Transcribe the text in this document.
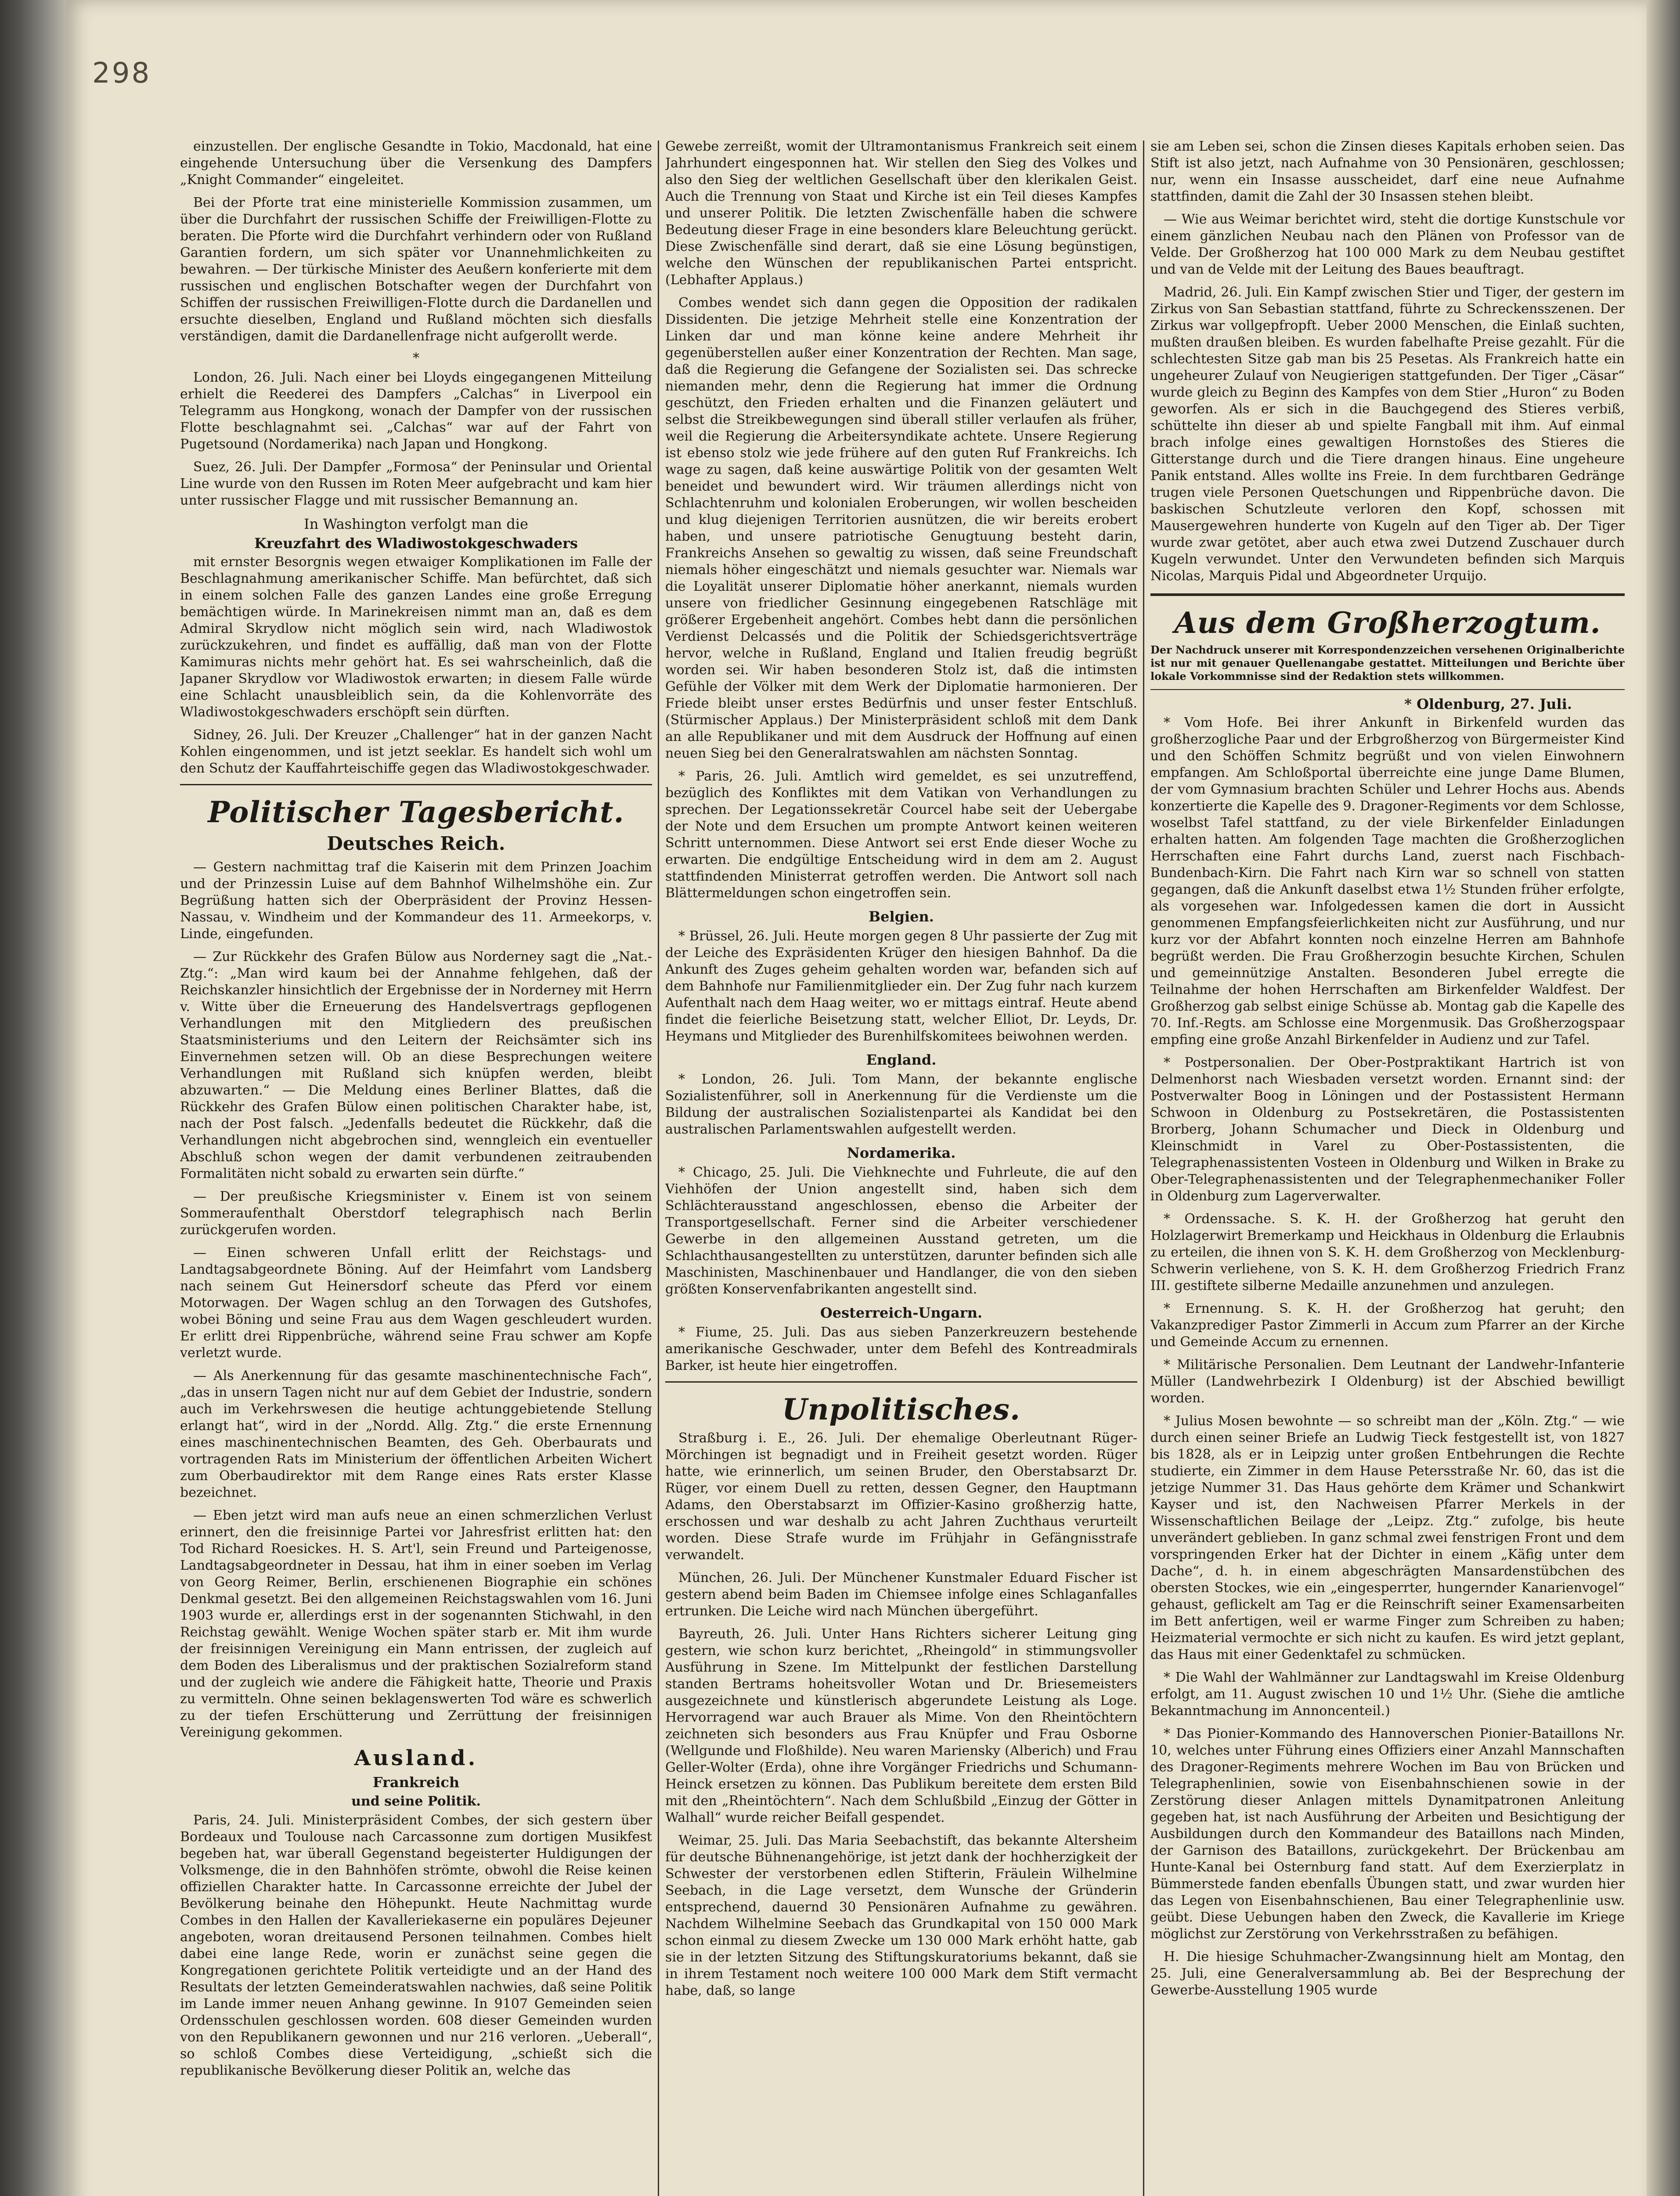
298

einzustellen. Der englische Gesandte in Tokio, Macdonald, hat eine eingehende Untersuchung über die Versenkung des Dampfers „Knight Commander“ eingeleitet.

Bei der Pforte trat eine ministerielle Kommission zusammen, um über die Durchfahrt der russischen Schiffe der Freiwilligen-Flotte zu beraten. Die Pforte wird die Durchfahrt verhindern oder von Rußland Garantien fordern, um sich später vor Unannehmlichkeiten zu bewahren. — Der türkische Minister des Aeußern konferierte mit dem russischen und englischen Botschafter wegen der Durchfahrt von Schiffen der russischen Freiwilligen-Flotte durch die Dardanellen und ersuchte dieselben, England und Rußland möchten sich diesfalls verständigen, damit die Dardanellenfrage nicht aufgerollt werde.

*

London, 26. Juli. Nach einer bei Lloyds eingegangenen Mitteilung erhielt die Reederei des Dampfers „Calchas“ in Liverpool ein Telegramm aus Hongkong, wonach der Dampfer von der russischen Flotte beschlagnahmt sei. „Calchas“ war auf der Fahrt von Pugetsound (Nordamerika) nach Japan und Hongkong.

Suez, 26. Juli. Der Dampfer „Formosa“ der Peninsular und Oriental Line wurde von den Russen im Roten Meer aufgebracht und kam hier unter russischer Flagge und mit russischer Bemannung an.

In Washington verfolgt man die
Kreuzfahrt des Wladiwostokgeschwaders

mit ernster Besorgnis wegen etwaiger Komplikationen im Falle der Beschlagnahmung amerikanischer Schiffe. Man befürchtet, daß sich in einem solchen Falle des ganzen Landes eine große Erregung bemächtigen würde. In Marinekreisen nimmt man an, daß es dem Admiral Skrydlow nicht möglich sein wird, nach Wladiwostok zurückzukehren, und findet es auffällig, daß man von der Flotte Kamimuras nichts mehr gehört hat. Es sei wahrscheinlich, daß die Japaner Skrydlow vor Wladiwostok erwarten; in diesem Falle würde eine Schlacht unausbleiblich sein, da die Kohlenvorräte des Wladiwostokgeschwaders erschöpft sein dürften.

Sidney, 26. Juli. Der Kreuzer „Challenger“ hat in der ganzen Nacht Kohlen eingenommen, und ist jetzt seeklar. Es handelt sich wohl um den Schutz der Kauffahrteischiffe gegen das Wladiwostokgeschwader.

Politischer Tagesbericht.
Deutsches Reich.

— Gestern nachmittag traf die Kaiserin mit dem Prinzen Joachim und der Prinzessin Luise auf dem Bahnhof Wilhelmshöhe ein. Zur Begrüßung hatten sich der Oberpräsident der Provinz Hessen-Nassau, v. Windheim und der Kommandeur des 11. Armeekorps, v. Linde, eingefunden.

— Zur Rückkehr des Grafen Bülow aus Norderney sagt die „Nat.-Ztg.“: „Man wird kaum bei der Annahme fehlgehen, daß der Reichskanzler hinsichtlich der Ergebnisse der in Norderney mit Herrn v. Witte über die Erneuerung des Handelsvertrags gepflogenen Verhandlungen mit den Mitgliedern des preußischen Staatsministeriums und den Leitern der Reichsämter sich ins Einvernehmen setzen will. Ob an diese Besprechungen weitere Verhandlungen mit Rußland sich knüpfen werden, bleibt abzuwarten.“ — Die Meldung eines Berliner Blattes, daß die Rückkehr des Grafen Bülow einen politischen Charakter habe, ist, nach der Post falsch. „Jedenfalls bedeutet die Rückkehr, daß die Verhandlungen nicht abgebrochen sind, wenngleich ein eventueller Abschluß schon wegen der damit verbundenen zeitraubenden Formalitäten nicht sobald zu erwarten sein dürfte.“

— Der preußische Kriegsminister v. Einem ist von seinem Sommeraufenthalt Oberstdorf telegraphisch nach Berlin zurückgerufen worden.

— Einen schweren Unfall erlitt der Reichstags- und Landtagsabgeordnete Böning. Auf der Heimfahrt vom Landsberg nach seinem Gut Heinersdorf scheute das Pferd vor einem Motorwagen. Der Wagen schlug an den Torwagen des Gutshofes, wobei Böning und seine Frau aus dem Wagen geschleudert wurden. Er erlitt drei Rippenbrüche, während seine Frau schwer am Kopfe verletzt wurde.

— Als Anerkennung für das gesamte maschinentechnische Fach“, „das in unsern Tagen nicht nur auf dem Gebiet der Industrie, sondern auch im Verkehrswesen die heutige achtunggebietende Stellung erlangt hat“, wird in der „Nordd. Allg. Ztg.“ die erste Ernennung eines maschinentechnischen Beamten, des Geh. Oberbaurats und vortragenden Rats im Ministerium der öffentlichen Arbeiten Wichert zum Oberbaudirektor mit dem Range eines Rats erster Klasse bezeichnet.

— Eben jetzt wird man aufs neue an einen schmerzlichen Verlust erinnert, den die freisinnige Partei vor Jahresfrist erlitten hat: den Tod Richard Roesickes. H. S. Art'l, sein Freund und Parteigenosse, Landtagsabgeordneter in Dessau, hat ihm in einer soeben im Verlag von Georg Reimer, Berlin, erschienenen Biographie ein schönes Denkmal gesetzt. Bei den allgemeinen Reichstagswahlen vom 16. Juni 1903 wurde er, allerdings erst in der sogenannten Stichwahl, in den Reichstag gewählt. Wenige Wochen später starb er. Mit ihm wurde der freisinnigen Vereinigung ein Mann entrissen, der zugleich auf dem Boden des Liberalismus und der praktischen Sozialreform stand und der zugleich wie andere die Fähigkeit hatte, Theorie und Praxis zu vermitteln. Ohne seinen beklagenswerten Tod wäre es schwerlich zu der tiefen Erschütterung und Zerrüttung der freisinnigen Vereinigung gekommen.

Ausland.
Frankreich
und seine Politik.

Paris, 24. Juli. Ministerpräsident Combes, der sich gestern über Bordeaux und Toulouse nach Carcassonne zum dortigen Musikfest begeben hat, war überall Gegenstand begeisterter Huldigungen der Volksmenge, die in den Bahnhöfen strömte, obwohl die Reise keinen offiziellen Charakter hatte. In Carcassonne erreichte der Jubel der Bevölkerung beinahe den Höhepunkt. Heute Nachmittag wurde Combes in den Hallen der Kavalleriekaserne ein populäres Dejeuner angeboten, woran dreitausend Personen teilnahmen. Combes hielt dabei eine lange Rede, worin er zunächst seine gegen die Kongregationen gerichtete Politik verteidigte und an der Hand des Resultats der letzten Gemeinderatswahlen nachwies, daß seine Politik im Lande immer neuen Anhang gewinne. In 9107 Gemeinden seien Ordensschulen geschlossen worden. 608 dieser Gemeinden wurden von den Republikanern gewonnen und nur 216 verloren. „Ueberall“, so schloß Combes diese Verteidigung, „schießt sich die republikanische Bevölkerung dieser Politik an, welche das

Gewebe zerreißt, womit der Ultramontanismus Frankreich seit einem Jahrhundert eingesponnen hat. Wir stellen den Sieg des Volkes und also den Sieg der weltlichen Gesellschaft über den klerikalen Geist. Auch die Trennung von Staat und Kirche ist ein Teil dieses Kampfes und unserer Politik. Die letzten Zwischenfälle haben die schwere Bedeutung dieser Frage in eine besonders klare Beleuchtung gerückt. Diese Zwischenfälle sind derart, daß sie eine Lösung begünstigen, welche den Wünschen der republikanischen Partei entspricht. (Lebhafter Applaus.)

Combes wendet sich dann gegen die Opposition der radikalen Dissidenten. Die jetzige Mehrheit stelle eine Konzentration der Linken dar und man könne keine andere Mehrheit ihr gegenüberstellen außer einer Konzentration der Rechten. Man sage, daß die Regierung die Gefangene der Sozialisten sei. Das schrecke niemanden mehr, denn die Regierung hat immer die Ordnung geschützt, den Frieden erhalten und die Finanzen geläutert und selbst die Streikbewegungen sind überall stiller verlaufen als früher, weil die Regierung die Arbeitersyndikate achtete. Unsere Regierung ist ebenso stolz wie jede frühere auf den guten Ruf Frankreichs. Ich wage zu sagen, daß keine auswärtige Politik von der gesamten Welt beneidet und bewundert wird. Wir träumen allerdings nicht von Schlachtenruhm und kolonialen Eroberungen, wir wollen bescheiden und klug diejenigen Territorien ausnützen, die wir bereits erobert haben, und unsere patriotische Genugtuung besteht darin, Frankreichs Ansehen so gewaltig zu wissen, daß seine Freundschaft niemals höher eingeschätzt und niemals gesuchter war. Niemals war die Loyalität unserer Diplomatie höher anerkannt, niemals wurden unsere von friedlicher Gesinnung eingegebenen Ratschläge mit größerer Ergebenheit angehört. Combes hebt dann die persönlichen Verdienst Delcassés und die Politik der Schiedsgerichtsverträge hervor, welche in Rußland, England und Italien freudig begrüßt worden sei. Wir haben besonderen Stolz ist, daß die intimsten Gefühle der Völker mit dem Werk der Diplomatie harmonieren. Der Friede bleibt unser erstes Bedürfnis und unser fester Entschluß. (Stürmischer Applaus.) Der Ministerpräsident schloß mit dem Dank an alle Republikaner und mit dem Ausdruck der Hoffnung auf einen neuen Sieg bei den Generalratswahlen am nächsten Sonntag.

* Paris, 26. Juli. Amtlich wird gemeldet, es sei unzutreffend, bezüglich des Konfliktes mit dem Vatikan von Verhandlungen zu sprechen. Der Legationssekretär Courcel habe seit der Uebergabe der Note und dem Ersuchen um prompte Antwort keinen weiteren Schritt unternommen. Diese Antwort sei erst Ende dieser Woche zu erwarten. Die endgültige Entscheidung wird in dem am 2. August stattfindenden Ministerrat getroffen werden. Die Antwort soll nach Blättermeldungen schon eingetroffen sein.

Belgien.

* Brüssel, 26. Juli. Heute morgen gegen 8 Uhr passierte der Zug mit der Leiche des Expräsidenten Krüger den hiesigen Bahnhof. Da die Ankunft des Zuges geheim gehalten worden war, befanden sich auf dem Bahnhofe nur Familienmitglieder ein. Der Zug fuhr nach kurzem Aufenthalt nach dem Haag weiter, wo er mittags eintraf. Heute abend findet die feierliche Beisetzung statt, welcher Elliot, Dr. Leyds, Dr. Heymans und Mitglieder des Burenhilfskomitees beiwohnen werden.

England.

* London, 26. Juli. Tom Mann, der bekannte englische Sozialistenführer, soll in Anerkennung für die Verdienste um die Bildung der australischen Sozialistenpartei als Kandidat bei den australischen Parlamentswahlen aufgestellt werden.

Nordamerika.

* Chicago, 25. Juli. Die Viehknechte und Fuhrleute, die auf den Viehhöfen der Union angestellt sind, haben sich dem Schlächterausstand angeschlossen, ebenso die Arbeiter der Transportgesellschaft. Ferner sind die Arbeiter verschiedener Gewerbe in den allgemeinen Ausstand getreten, um die Schlachthausangestellten zu unterstützen, darunter befinden sich alle Maschinisten, Maschinenbauer und Handlanger, die von den sieben größten Konservenfabrikanten angestellt sind.

Oesterreich-Ungarn.

* Fiume, 25. Juli. Das aus sieben Panzerkreuzern bestehende amerikanische Geschwader, unter dem Befehl des Kontreadmirals Barker, ist heute hier eingetroffen.

Unpolitisches.

Straßburg i. E., 26. Juli. Der ehemalige Oberleutnant Rüger-Mörchingen ist begnadigt und in Freiheit gesetzt worden. Rüger hatte, wie erinnerlich, um seinen Bruder, den Oberstabsarzt Dr. Rüger, vor einem Duell zu retten, dessen Gegner, den Hauptmann Adams, den Oberstabsarzt im Offizier-Kasino großherzig hatte, erschossen und war deshalb zu acht Jahren Zuchthaus verurteilt worden. Diese Strafe wurde im Frühjahr in Gefängnisstrafe verwandelt.

München, 26. Juli. Der Münchener Kunstmaler Eduard Fischer ist gestern abend beim Baden im Chiemsee infolge eines Schlaganfalles ertrunken. Die Leiche wird nach München übergeführt.

Bayreuth, 26. Juli. Unter Hans Richters sicherer Leitung ging gestern, wie schon kurz berichtet, „Rheingold“ in stimmungsvoller Ausführung in Szene. Im Mittelpunkt der festlichen Darstellung standen Bertrams hoheitsvoller Wotan und Dr. Briesemeisters ausgezeichnete und künstlerisch abgerundete Leistung als Loge. Hervorragend war auch Brauer als Mime. Von den Rheintöchtern zeichneten sich besonders aus Frau Knüpfer und Frau Osborne (Wellgunde und Floßhilde). Neu waren Mariensky (Alberich) und Frau Geller-Wolter (Erda), ohne ihre Vorgänger Friedrichs und Schumann-Heinck ersetzen zu können. Das Publikum bereitete dem ersten Bild mit den „Rheintöchtern“. Nach dem Schlußbild „Einzug der Götter in Walhall“ wurde reicher Beifall gespendet.

Weimar, 25. Juli. Das Maria Seebachstift, das bekannte Altersheim für deutsche Bühnenangehörige, ist jetzt dank der hochherzigkeit der Schwester der verstorbenen edlen Stifterin, Fräulein Wilhelmine Seebach, in die Lage versetzt, dem Wunsche der Gründerin entsprechend, dauernd 30 Pensionären Aufnahme zu gewähren. Nachdem Wilhelmine Seebach das Grundkapital von 150 000 Mark schon einmal zu diesem Zwecke um 130 000 Mark erhöht hatte, gab sie in der letzten Sitzung des Stiftungskuratoriums bekannt, daß sie in ihrem Testament noch weitere 100 000 Mark dem Stift vermacht habe, daß, so lange

sie am Leben sei, schon die Zinsen dieses Kapitals erhoben seien. Das Stift ist also jetzt, nach Aufnahme von 30 Pensionären, geschlossen; nur, wenn ein Insasse ausscheidet, darf eine neue Aufnahme stattfinden, damit die Zahl der 30 Insassen stehen bleibt.

— Wie aus Weimar berichtet wird, steht die dortige Kunstschule vor einem gänzlichen Neubau nach den Plänen von Professor van de Velde. Der Großherzog hat 100 000 Mark zu dem Neubau gestiftet und van de Velde mit der Leitung des Baues beauftragt.

Madrid, 26. Juli. Ein Kampf zwischen Stier und Tiger, der gestern im Zirkus von San Sebastian stattfand, führte zu Schreckensszenen. Der Zirkus war vollgepfropft. Ueber 2000 Menschen, die Einlaß suchten, mußten draußen bleiben. Es wurden fabelhafte Preise gezahlt. Für die schlechtesten Sitze gab man bis 25 Pesetas. Als Frankreich hatte ein ungeheurer Zulauf von Neugierigen stattgefunden. Der Tiger „Cäsar“ wurde gleich zu Beginn des Kampfes von dem Stier „Huron“ zu Boden geworfen. Als er sich in die Bauchgegend des Stieres verbiß, schüttelte ihn dieser ab und spielte Fangball mit ihm. Auf einmal brach infolge eines gewaltigen Hornstoßes des Stieres die Gitterstange durch und die Tiere drangen hinaus. Eine ungeheure Panik entstand. Alles wollte ins Freie. In dem furchtbaren Gedränge trugen viele Personen Quetschungen und Rippenbrüche davon. Die baskischen Schutzleute verloren den Kopf, schossen mit Mausergewehren hunderte von Kugeln auf den Tiger ab. Der Tiger wurde zwar getötet, aber auch etwa zwei Dutzend Zuschauer durch Kugeln verwundet. Unter den Verwundeten befinden sich Marquis Nicolas, Marquis Pidal und Abgeordneter Urquijo.

Aus dem Großherzogtum.

Der Nachdruck unserer mit Korrespondenzzeichen versehenen Originalberichte ist nur mit genauer Quellenangabe gestattet. Mitteilungen und Berichte über lokale Vorkommnisse sind der Redaktion stets willkommen.

* Oldenburg, 27. Juli.

* Vom Hofe. Bei ihrer Ankunft in Birkenfeld wurden das großherzogliche Paar und der Erbgroßherzog von Bürgermeister Kind und den Schöffen Schmitz begrüßt und von vielen Einwohnern empfangen. Am Schloßportal überreichte eine junge Dame Blumen, der vom Gymnasium brachten Schüler und Lehrer Hochs aus. Abends konzertierte die Kapelle des 9. Dragoner-Regiments vor dem Schlosse, woselbst Tafel stattfand, zu der viele Birkenfelder Einladungen erhalten hatten. Am folgenden Tage machten die Großherzoglichen Herrschaften eine Fahrt durchs Land, zuerst nach Fischbach-Bundenbach-Kirn. Die Fahrt nach Kirn war so schnell von statten gegangen, daß die Ankunft daselbst etwa 1½ Stunden früher erfolgte, als vorgesehen war. Infolgedessen kamen die dort in Aussicht genommenen Empfangsfeierlichkeiten nicht zur Ausführung, und nur kurz vor der Abfahrt konnten noch einzelne Herren am Bahnhofe begrüßt werden. Die Frau Großherzogin besuchte Kirchen, Schulen und gemeinnützige Anstalten. Besonderen Jubel erregte die Teilnahme der hohen Herrschaften am Birkenfelder Waldfest. Der Großherzog gab selbst einige Schüsse ab. Montag gab die Kapelle des 70. Inf.-Regts. am Schlosse eine Morgenmusik. Das Großherzogspaar empfing eine große Anzahl Birkenfelder in Audienz und zur Tafel.

* Postpersonalien. Der Ober-Postpraktikant Hartrich ist von Delmenhorst nach Wiesbaden versetzt worden. Ernannt sind: der Postverwalter Boog in Löningen und der Postassistent Hermann Schwoon in Oldenburg zu Postsekretären, die Postassistenten Brorberg, Johann Schumacher und Dieck in Oldenburg und Kleinschmidt in Varel zu Ober-Postassistenten, die Telegraphenassistenten Vosteen in Oldenburg und Wilken in Brake zu Ober-Telegraphenassistenten und der Telegraphenmechaniker Foller in Oldenburg zum Lagerverwalter.

* Ordenssache. S. K. H. der Großherzog hat geruht den Holzlagerwirt Bremerkamp und Heickhaus in Oldenburg die Erlaubnis zu erteilen, die ihnen von S. K. H. dem Großherzog von Mecklenburg-Schwerin verliehene, von S. K. H. dem Großherzog Friedrich Franz III. gestiftete silberne Medaille anzunehmen und anzulegen.

* Ernennung. S. K. H. der Großherzog hat geruht; den Vakanzprediger Pastor Zimmerli in Accum zum Pfarrer an der Kirche und Gemeinde Accum zu ernennen.

* Militärische Personalien. Dem Leutnant der Landwehr-Infanterie Müller (Landwehrbezirk I Oldenburg) ist der Abschied bewilligt worden.

* Julius Mosen bewohnte — so schreibt man der „Köln. Ztg.“ — wie durch einen seiner Briefe an Ludwig Tieck festgestellt ist, von 1827 bis 1828, als er in Leipzig unter großen Entbehrungen die Rechte studierte, ein Zimmer in dem Hause Petersstraße Nr. 60, das ist die jetzige Nummer 31. Das Haus gehörte dem Krämer und Schankwirt Kayser und ist, den Nachweisen Pfarrer Merkels in der Wissenschaftlichen Beilage der „Leipz. Ztg.“ zufolge, bis heute unverändert geblieben. In ganz schmal zwei fenstrigen Front und dem vorspringenden Erker hat der Dichter in einem „Käfig unter dem Dache“, d. h. in einem abgeschrägten Mansardenstübchen des obersten Stockes, wie ein „eingesperrter, hungernder Kanarienvogel“ gehaust, geflickelt am Tag er die Reinschrift seiner Examensarbeiten im Bett anfertigen, weil er warme Finger zum Schreiben zu haben; Heizmaterial vermochte er sich nicht zu kaufen. Es wird jetzt geplant, das Haus mit einer Gedenktafel zu schmücken.

* Die Wahl der Wahlmänner zur Landtagswahl im Kreise Oldenburg erfolgt, am 11. August zwischen 10 und 1½ Uhr. (Siehe die amtliche Bekanntmachung im Annoncenteil.)

* Das Pionier-Kommando des Hannoverschen Pionier-Bataillons Nr. 10, welches unter Führung eines Offiziers einer Anzahl Mannschaften des Dragoner-Regiments mehrere Wochen im Bau von Brücken und Telegraphenlinien, sowie von Eisenbahnschienen sowie in der Zerstörung dieser Anlagen mittels Dynamitpatronen Anleitung gegeben hat, ist nach Ausführung der Arbeiten und Besichtigung der Ausbildungen durch den Kommandeur des Bataillons nach Minden, der Garnison des Bataillons, zurückgekehrt. Der Brückenbau am Hunte-Kanal bei Osternburg fand statt. Auf dem Exerzierplatz in Bümmerstede fanden ebenfalls Übungen statt, und zwar wurden hier das Legen von Eisenbahnschienen, Bau einer Telegraphenlinie usw. geübt. Diese Uebungen haben den Zweck, die Kavallerie im Kriege möglichst zur Zerstörung von Verkehrsstraßen zu befähigen.

H. Die hiesige Schuhmacher-Zwangsinnung hielt am Montag, den 25. Juli, eine Generalversammlung ab. Bei der Besprechung der Gewerbe-Ausstellung 1905 wurde
